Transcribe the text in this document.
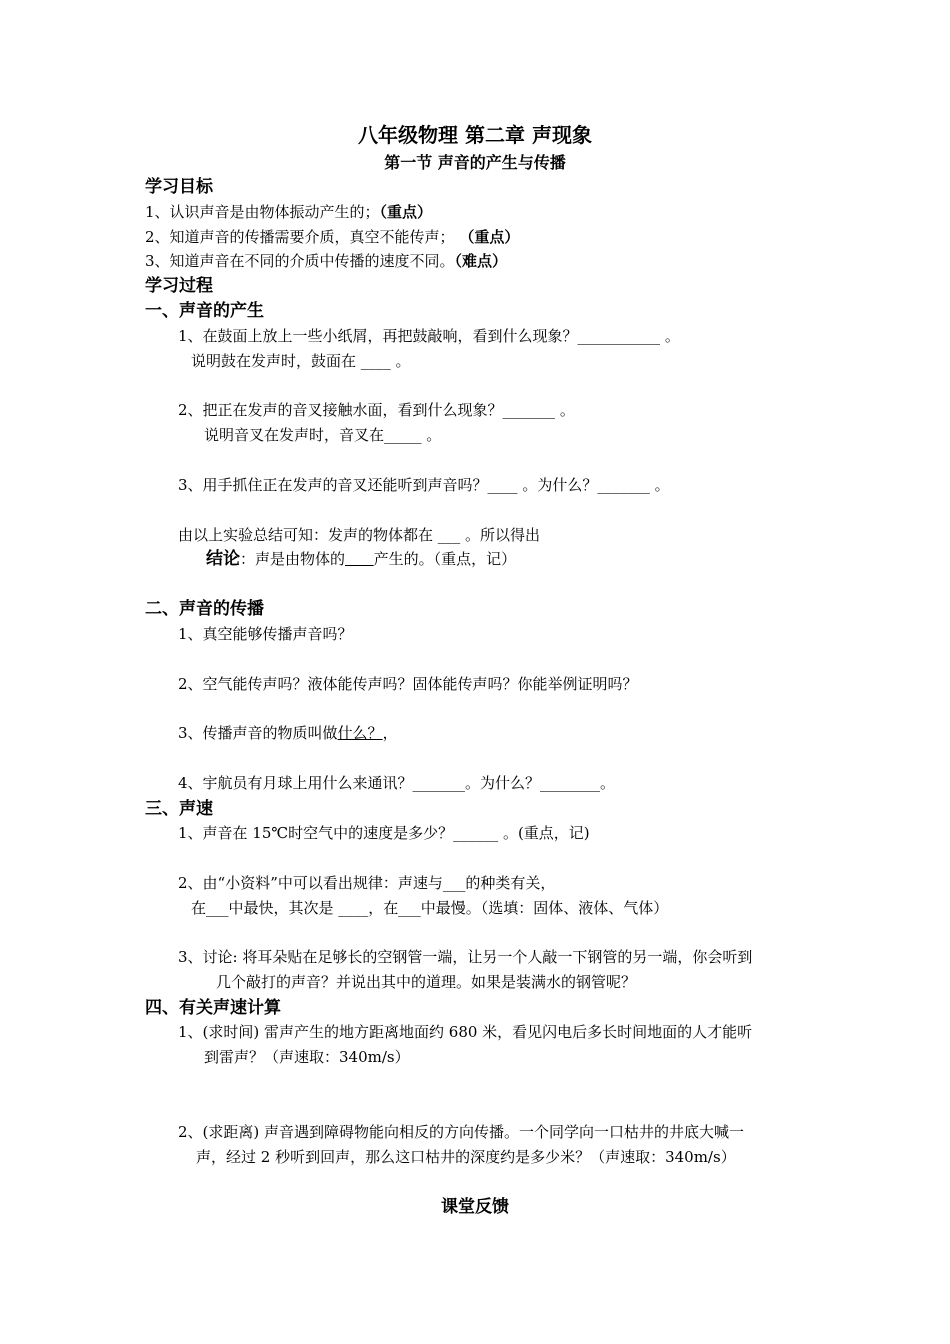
八年级物理 第二章 声现象
第一节 声音的产生与传播
学习目标
1、认识声音是由物体振动产生的；（重点）
2、知道声音的传播需要介质，真空不能传声； （重点）
3、知道声音在不同的介质中传播的速度不同。（难点）
学习过程
一、声音的产生
1、在鼓面上放上一些小纸屑，再把鼓敲响，看到什么现象？___________ 。
说明鼓在发声时，鼓面在 ____ 。
2、把正在发声的音叉接触水面，看到什么现象？_______ 。
说明音叉在发声时，音叉在_____ 。
3、用手抓住正在发声的音叉还能听到声音吗？____ 。为什么？_______ 。
由以上实验总结可知：发声的物体都在 ___ 。所以得出
结论：声是由物体的 产生的。（重点，记）
二、声音的传播
1、真空能够传播声音吗？
2、空气能传声吗？液体能传声吗？固体能传声吗？你能举例证明吗？
3、传播声音的物质叫做什么？，
4、宇航员有月球上用什么来通讯？_______。为什么？________。
三、声速
1、声音在 15℃时空气中的速度是多少？______ 。(重点，记)
2、由“小资料”中可以看出规律：声速与___的种类有关，
在___中最快，其次是 ____，在___中最慢。（选填：固体、液体、气体）
3、讨论: 将耳朵贴在足够长的空钢管一端，让另一个人敲一下钢管的另一端，你会听到
几个敲打的声音？并说出其中的道理。如果是装满水的钢管呢？
四、有关声速计算
1、(求时间) 雷声产生的地方距离地面约 680 米，看见闪电后多长时间地面的人才能听
到雷声？（声速取：340m/s）
2、(求距离) 声音遇到障碍物能向相反的方向传播。一个同学向一口枯井的井底大喊一
声，经过 2 秒听到回声，那么这口枯井的深度约是多少米？（声速取：340m/s）
课堂反馈
